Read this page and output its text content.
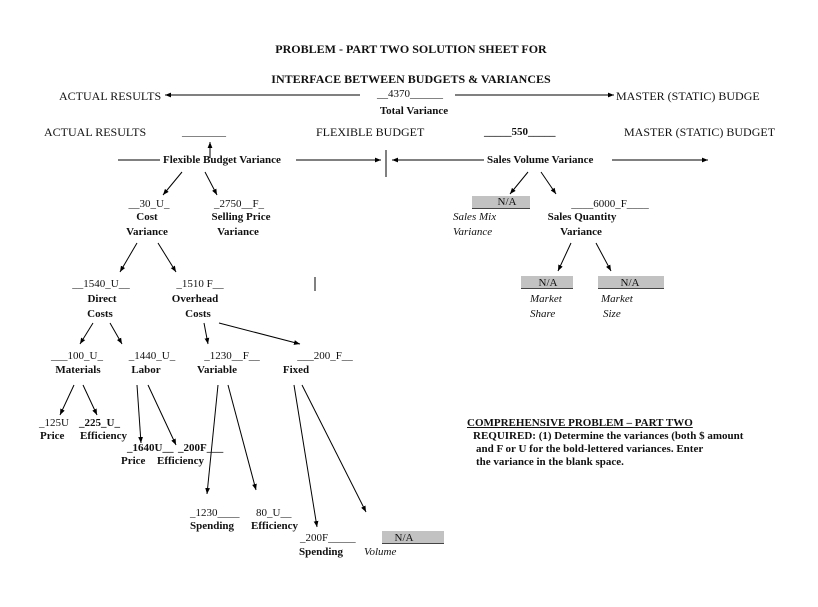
PROBLEM - PART TWO SOLUTION SHEET FOR
INTERFACE BETWEEN BUDGETS & VARIANCES
ACTUAL RESULTS	__4370______	MASTER (STATIC) BUDGE
Total Variance
ACTUAL RESULTS	________	FLEXIBLE BUDGET	_____550_____	MASTER (STATIC) BUDGET
Flexible Budget Variance	Sales Volume Variance
__30_U_
Cost
Variance
_2750__F_
Selling Price
Variance
N/A
Sales Mix
Variance
____6000_F____
Sales Quantity
Variance
__1540_U__
Direct
Costs
_1510 F__
Overhead
Costs
N/A
Market
Share
N/A
Market
Size
___100_U_
Materials
_1440_U_
Labor
_1230__F__
Variable
___200_F__
Fixed
_125U
Price
_225_U_
Efficiency
_1640U__
Price
_200F___
Efficiency
_1230____
Spending
80_U__
Efficiency
_200F_____
Spending
N/A
Volume
COMPREHENSIVE PROBLEM – PART TWO
REQUIRED: (1) Determine the variances (both $ amount
and F or U for the bold-lettered variances. Enter
the variance in the blank space.
